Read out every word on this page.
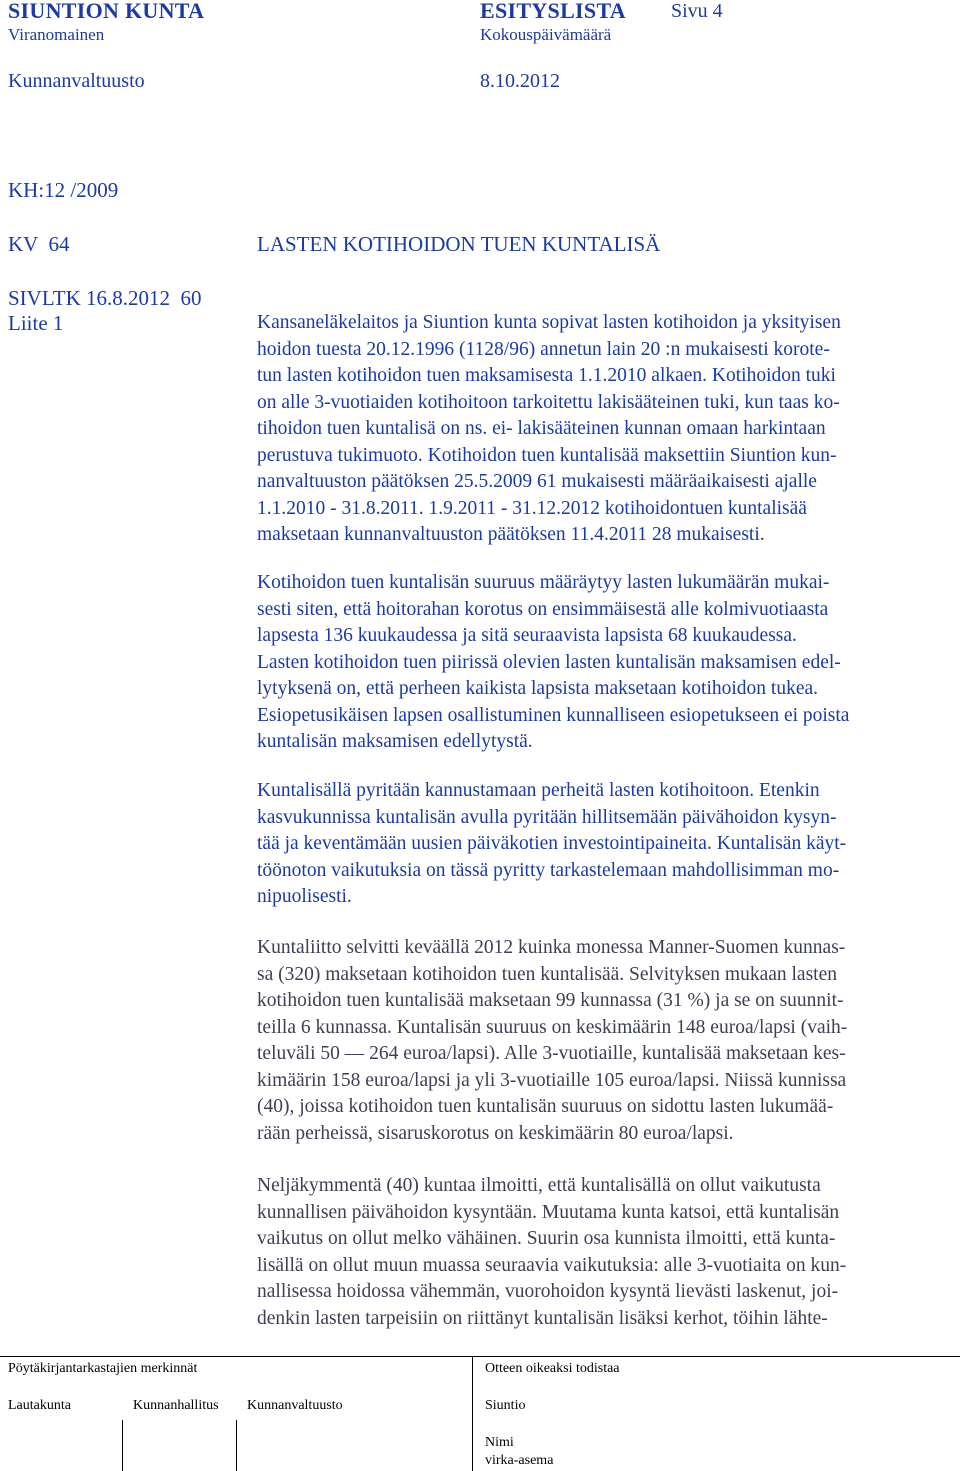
SIUNTION KUNTA	ESITYSLISTA Sivu 4
Viranomainen	Kokouspäivämäärä
Kunnanvaltuusto	8.10.2012
KH:12 /2009
KV  64	LASTEN KOTIHOIDON TUEN KUNTALISÄ
SIVLTK 16.8.2012  60
Liite 1	Kansaneläkelaitos ja Siuntion kunta sopivat lasten kotihoidon ja yksityisen
hoidon tuesta 20.12.1996 (1128/96) annetun lain 20 :n mukaisesti korote-
tun lasten kotihoidon tuen maksamisesta 1.1.2010 alkaen. Kotihoidon tuki
on alle 3-vuotiaiden kotihoitoon tarkoitettu lakisääteinen tuki, kun taas ko-
tihoidon tuen kuntalisä on ns. ei- lakisääteinen kunnan omaan harkintaan
perustuva tukimuoto. Kotihoidon tuen kuntalisää maksettiin Siuntion kun-
nanvaltuuston päätöksen 25.5.2009 61 mukaisesti määräaikaisesti ajalle
1.1.2010 - 31.8.2011. 1.9.2011 - 31.12.2012 kotihoidontuen kuntalisää
maksetaan kunnanvaltuuston päätöksen 11.4.2011 28 mukaisesti.
Kotihoidon tuen kuntalisän suuruus määräytyy lasten lukumäärän mukai-
sesti siten, että hoitorahan korotus on ensimmäisestä alle kolmivuotiaasta
lapsesta 136 kuukaudessa ja sitä seuraavista lapsista 68 kuukaudessa.
Lasten kotihoidon tuen piirissä olevien lasten kuntalisän maksamisen edel-
lytyksenä on, että perheen kaikista lapsista maksetaan kotihoidon tukea.
Esiopetusikäisen lapsen osallistuminen kunnalliseen esiopetukseen ei poista
kuntalisän maksamisen edellytystä.
Kuntalisällä pyritään kannustamaan perheitä lasten kotihoitoon. Etenkin
kasvukunnissa kuntalisän avulla pyritään hillitsemään päivähoidon kysyn-
tää ja keventämään uusien päiväkotien investointipaineita. Kuntalisän käyt-
töönoton vaikutuksia on tässä pyritty tarkastelemaan mahdollisimman mo-
nipuolisesti.
Kuntaliitto selvitti keväällä 2012 kuinka monessa Manner-Suomen kunnas-
sa (320) maksetaan kotihoidon tuen kuntalisää. Selvityksen mukaan lasten
kotihoidon tuen kuntalisää maksetaan 99 kunnassa (31 %) ja se on suunnit-
teilla 6 kunnassa. Kuntalisän suuruus on keskimäärin 148 euroa/lapsi (vaih-
teluväli 50 — 264 euroa/lapsi). Alle 3-vuotiaille, kuntalisää maksetaan kes-
kimäärin 158 euroa/lapsi ja yli 3-vuotiaille 105 euroa/lapsi. Niissä kunnissa
(40), joissa kotihoidon tuen kuntalisän suuruus on sidottu lasten lukumää-
rään perheissä, sisaruskorotus on keskimäärin 80 euroa/lapsi.
Neljäkymmentä (40) kuntaa ilmoitti, että kuntalisällä on ollut vaikutusta
kunnallisen päivähoidon kysyntään. Muutama kunta katsoi, että kuntalisän
vaikutus on ollut melko vähäinen. Suurin osa kunnista ilmoitti, että kunta-
lisällä on ollut muun muassa seuraavia vaikutuksia: alle 3-vuotiaita on kun-
nallisessa hoidossa vähemmän, vuorohoidon kysyntä lievästi laskenut, joi-
denkin lasten tarpeisiin on riittänyt kuntalisän lisäksi kerhot, töihin lähte-
Pöytäkirjantarkastajien merkinnät	Otteen oikeaksi todistaa
Lautakunta	Kunnanhallitus Kunnanvaltuusto	Siuntio
Nimi
virka-asema
